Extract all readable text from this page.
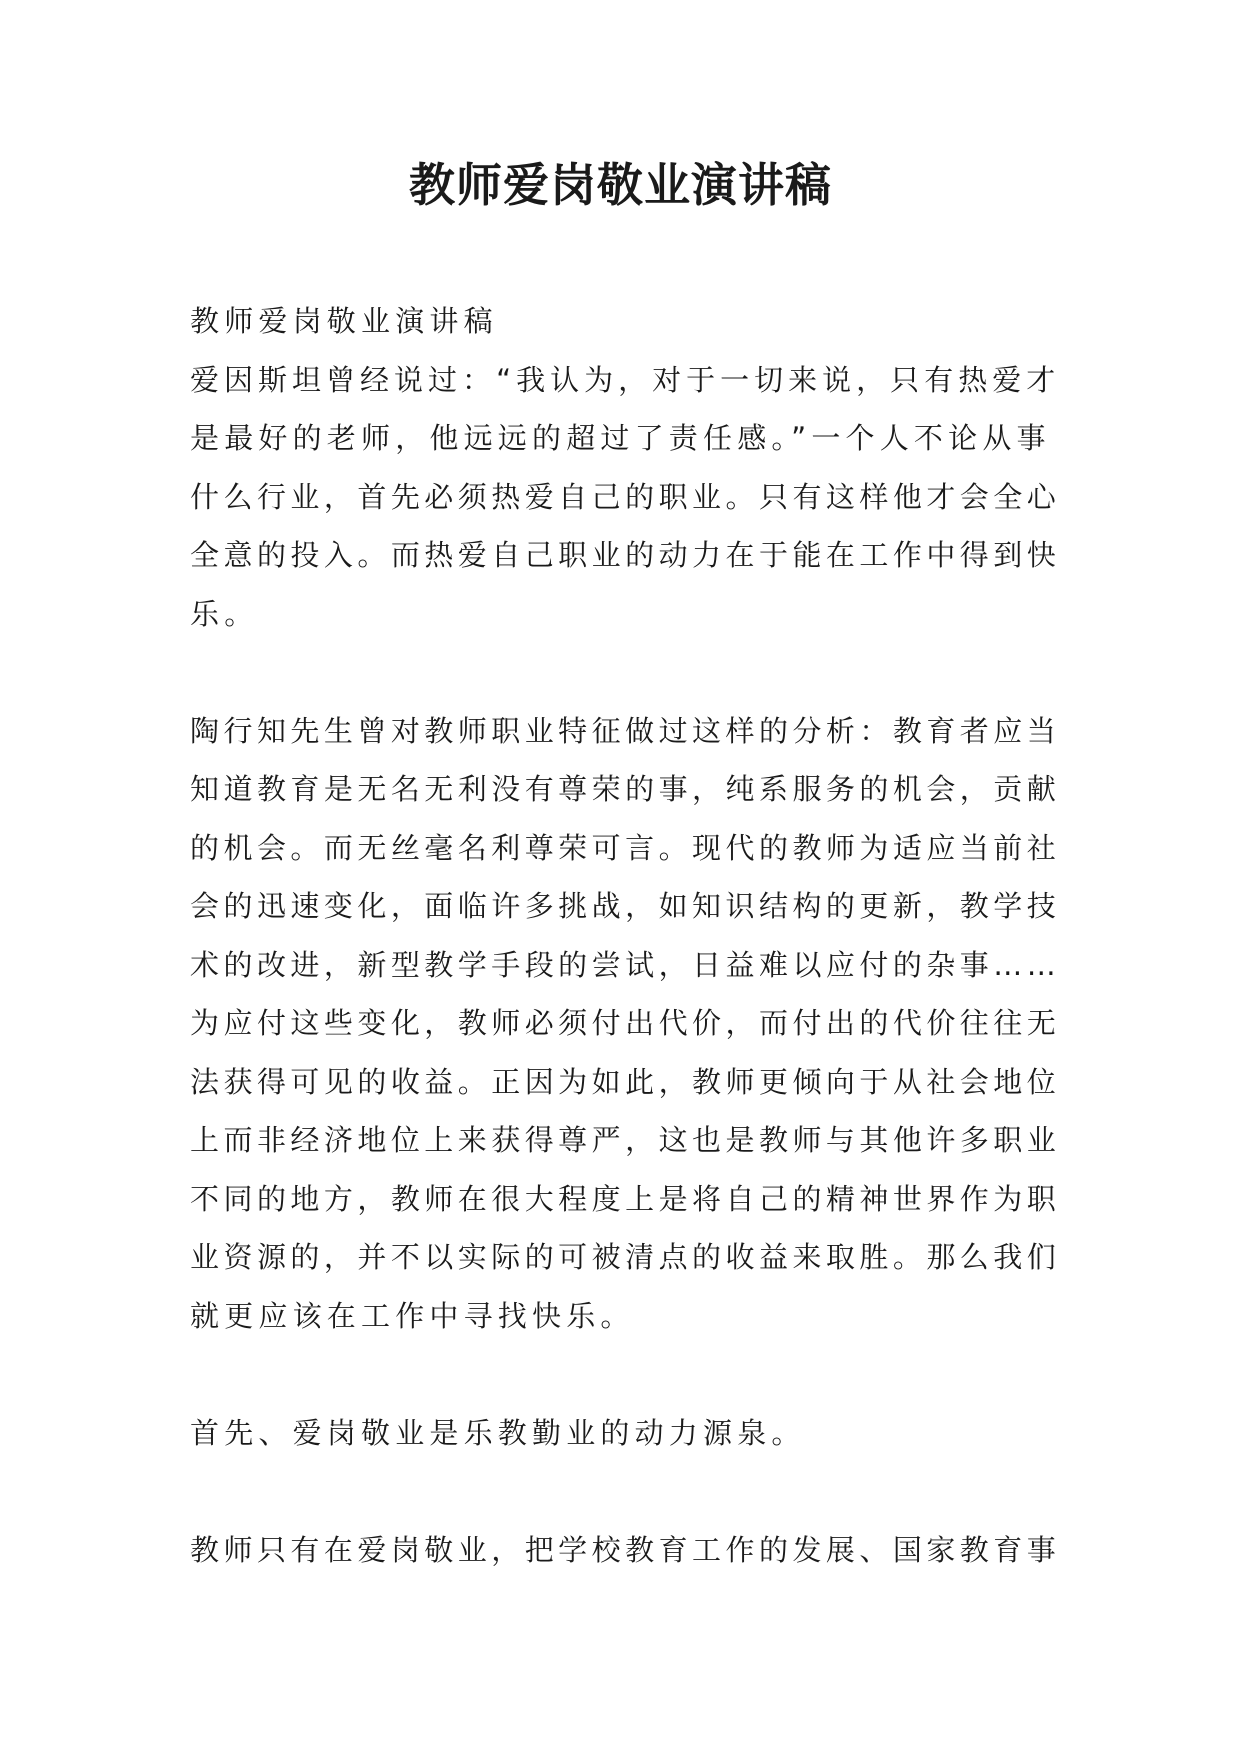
教师爱岗敬业演讲稿

教师爱岗敬业演讲稿

爱因斯坦曾经说过：“我认为，对于一切来说，只有热爱才
是最好的老师，他远远的超过了责任感。”一个人不论从事
什么行业，首先必须热爱自己的职业。只有这样他才会全心
全意的投入。而热爱自己职业的动力在于能在工作中得到快
乐。

陶行知先生曾对教师职业特征做过这样的分析：教育者应当
知道教育是无名无利没有尊荣的事，纯系服务的机会，贡献
的机会。而无丝毫名利尊荣可言。现代的教师为适应当前社
会的迅速变化，面临许多挑战，如知识结构的更新，教学技
术的改进，新型教学手段的尝试，日益难以应付的杂事……
为应付这些变化，教师必须付出代价，而付出的代价往往无
法获得可见的收益。正因为如此，教师更倾向于从社会地位
上而非经济地位上来获得尊严，这也是教师与其他许多职业
不同的地方，教师在很大程度上是将自己的精神世界作为职
业资源的，并不以实际的可被清点的收益来取胜。那么我们
就更应该在工作中寻找快乐。

首先、爱岗敬业是乐教勤业的动力源泉。

教师只有在爱岗敬业，把学校教育工作的发展、国家教育事
